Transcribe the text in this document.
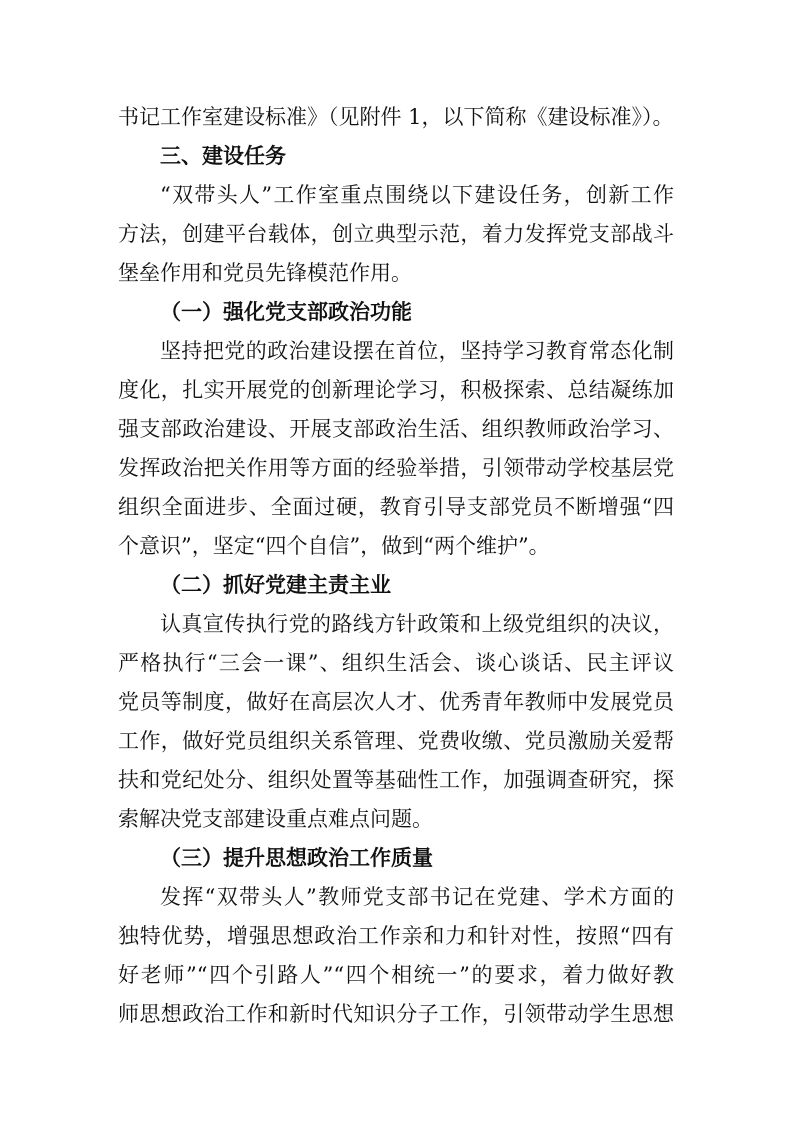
书记工作室建设标准》（见附件 1，以下简称《建设标准》）。
三、建设任务
“双带头人”工作室重点围绕以下建设任务，创新工作
方法，创建平台载体，创立典型示范，着力发挥党支部战斗
堡垒作用和党员先锋模范作用。
（一）强化党支部政治功能
坚持把党的政治建设摆在首位，坚持学习教育常态化制
度化，扎实开展党的创新理论学习，积极探索、总结凝练加
强支部政治建设、开展支部政治生活、组织教师政治学习、
发挥政治把关作用等方面的经验举措，引领带动学校基层党
组织全面进步、全面过硬，教育引导支部党员不断增强“四
个意识”，坚定“四个自信”，做到“两个维护”。
（二）抓好党建主责主业
认真宣传执行党的路线方针政策和上级党组织的决议，
严格执行“三会一课”、组织生活会、谈心谈话、民主评议
党员等制度，做好在高层次人才、优秀青年教师中发展党员
工作，做好党员组织关系管理、党费收缴、党员激励关爱帮
扶和党纪处分、组织处置等基础性工作，加强调查研究，探
索解决党支部建设重点难点问题。
（三）提升思想政治工作质量
发挥“双带头人”教师党支部书记在党建、学术方面的
独特优势，增强思想政治工作亲和力和针对性，按照“四有
好老师”“四个引路人”“四个相统一”的要求，着力做好教
师思想政治工作和新时代知识分子工作，引领带动学生思想
